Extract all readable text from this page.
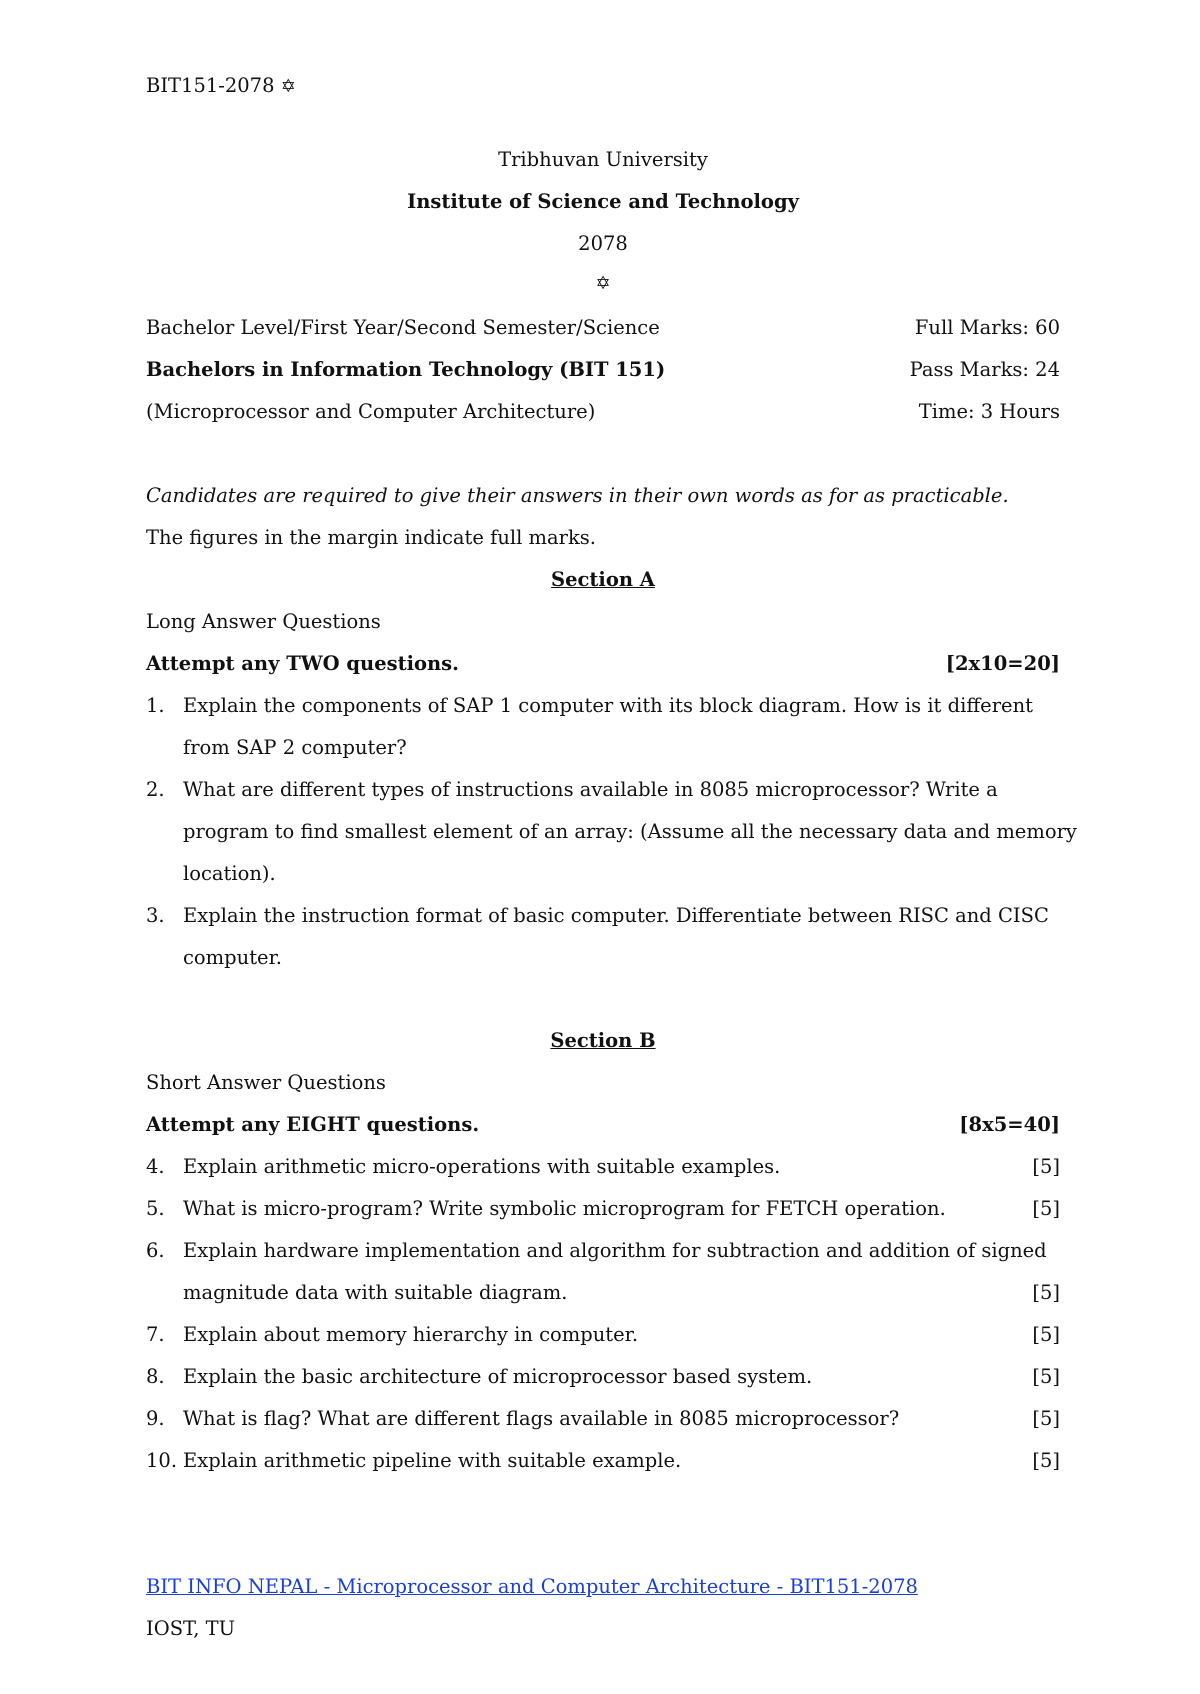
BIT151-2078 ✡
Tribhuvan University
Institute of Science and Technology
2078
✡
Bachelor Level/First Year/Second Semester/Science	Full Marks: 60
Bachelors in Information Technology (BIT 151)	Pass Marks: 24
(Microprocessor and Computer Architecture)	Time: 3 Hours
Candidates are required to give their answers in their own words as for as practicable.
The figures in the margin indicate full marks.
Section A
Long Answer Questions
Attempt any TWO questions.	[2x10=20]
1. Explain the components of SAP 1 computer with its block diagram. How is it different
from SAP 2 computer?
2. What are different types of instructions available in 8085 microprocessor? Write a
program to find smallest element of an array: (Assume all the necessary data and memory
location).
3. Explain the instruction format of basic computer. Differentiate between RISC and CISC
computer.
Section B
Short Answer Questions
Attempt any EIGHT questions.	[8x5=40]
4. Explain arithmetic micro-operations with suitable examples.	[5]
5. What is micro-program? Write symbolic microprogram for FETCH operation.	[5]
6. Explain hardware implementation and algorithm for subtraction and addition of signed
magnitude data with suitable diagram.	[5]
7. Explain about memory hierarchy in computer.	[5]
8. Explain the basic architecture of microprocessor based system.	[5]
9. What is flag? What are different flags available in 8085 microprocessor?	[5]
10. Explain arithmetic pipeline with suitable example.	[5]
BIT INFO NEPAL - Microprocessor and Computer Architecture - BIT151-2078
IOST, TU
